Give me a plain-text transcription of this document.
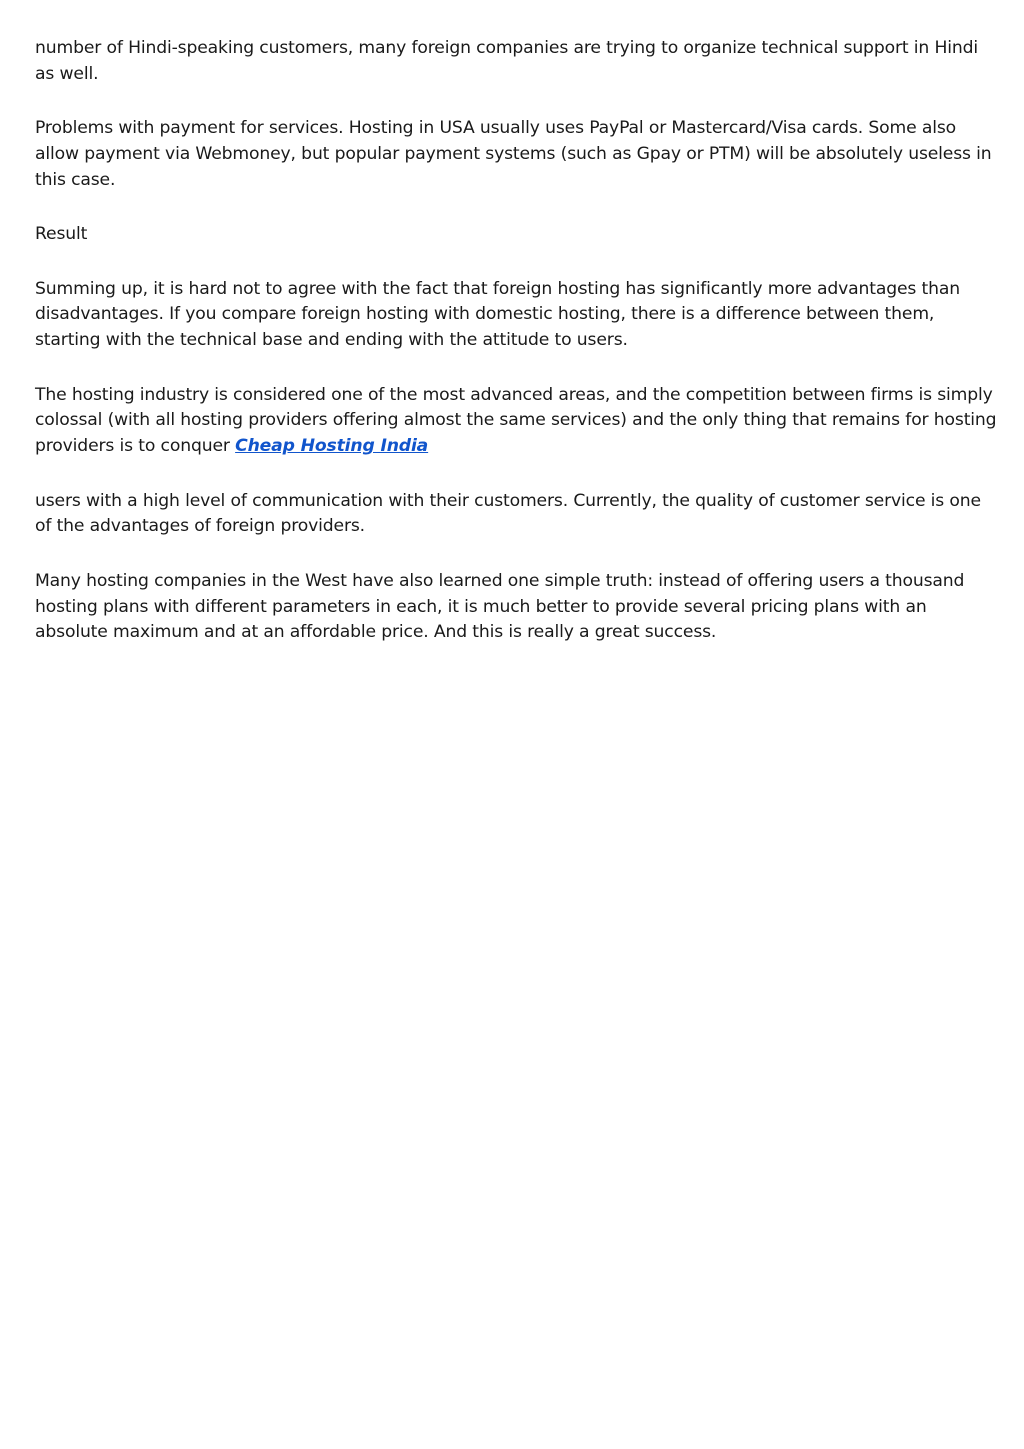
number of Hindi-speaking customers, many foreign companies are trying to organize technical support in Hindi as well.

Problems with payment for services. Hosting in USA usually uses PayPal or Mastercard/Visa cards. Some also allow payment via Webmoney, but popular payment systems (such as Gpay or PTM) will be absolutely useless in this case.

Result

Summing up, it is hard not to agree with the fact that foreign hosting has significantly more advantages than disadvantages. If you compare foreign hosting with domestic hosting, there is a difference between them, starting with the technical base and ending with the attitude to users.

The hosting industry is considered one of the most advanced areas, and the competition between firms is simply colossal (with all hosting providers offering almost the same services) and the only thing that remains for hosting providers is to conquer Cheap Hosting India

users with a high level of communication with their customers. Currently, the quality of customer service is one of the advantages of foreign providers.

Many hosting companies in the West have also learned one simple truth: instead of offering users a thousand hosting plans with different parameters in each, it is much better to provide several pricing plans with an absolute maximum and at an affordable price. And this is really a great success.
